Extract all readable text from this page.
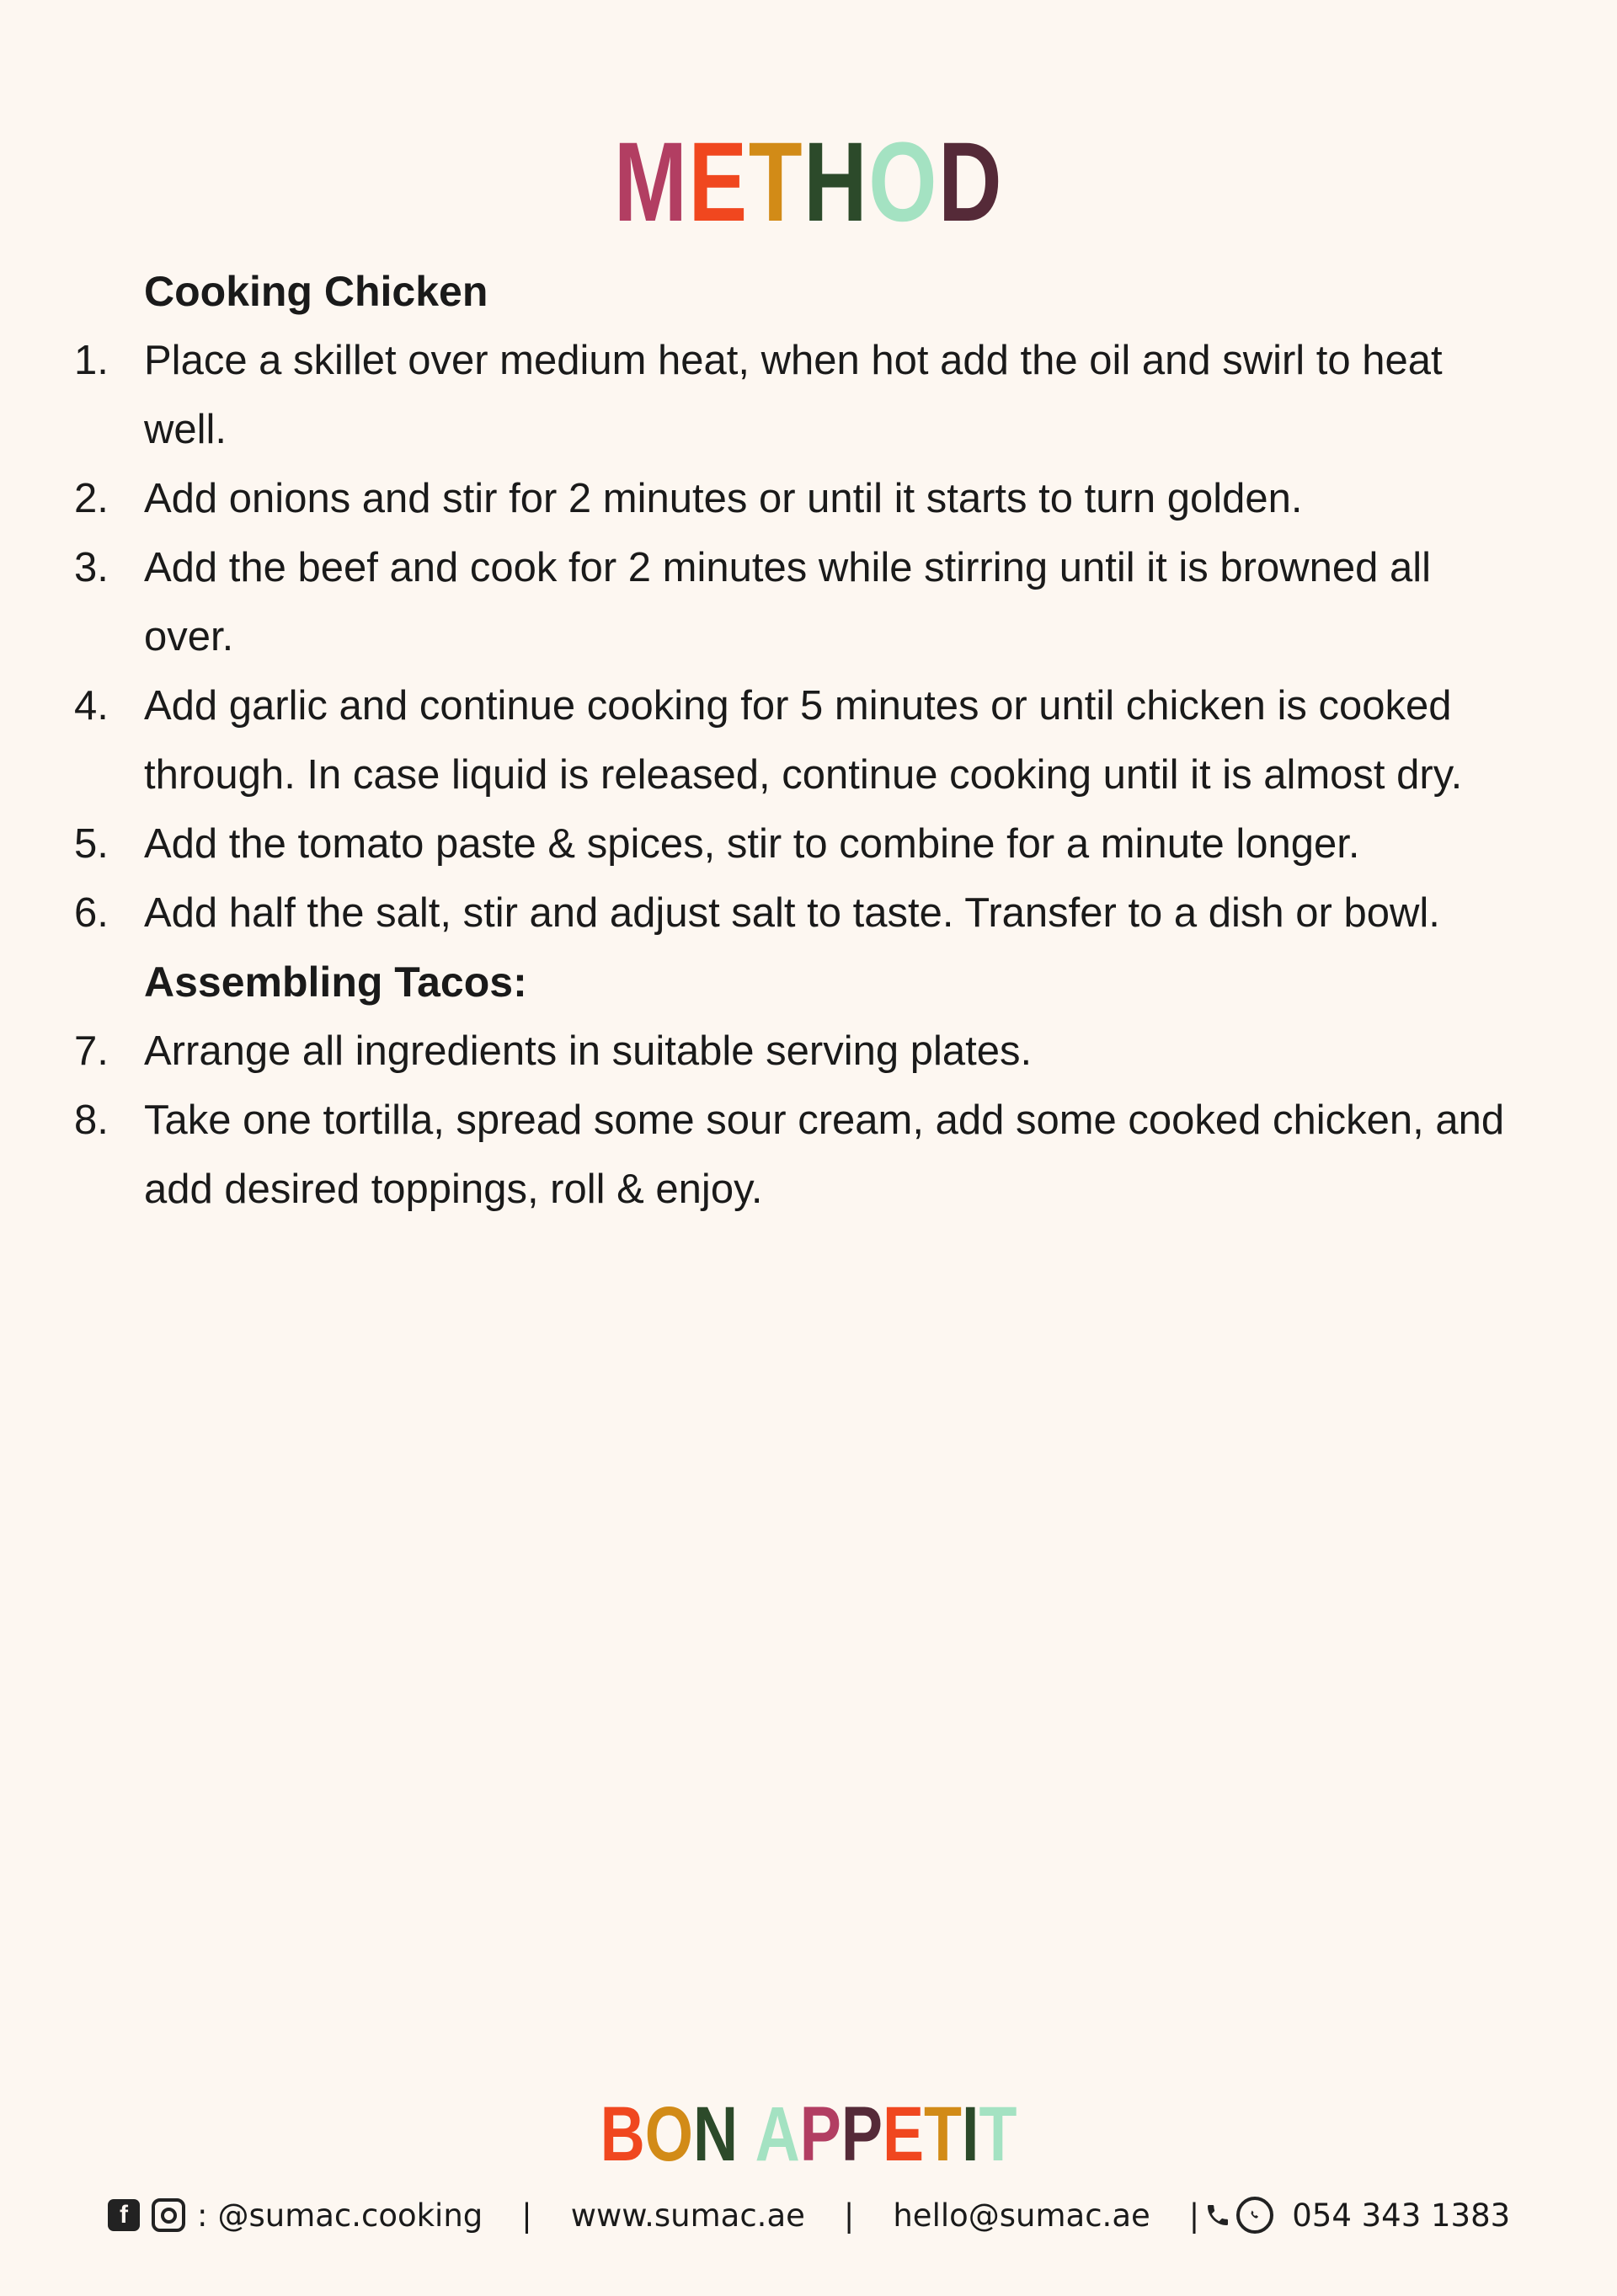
METHOD
Cooking Chicken
1. Place a skillet over medium heat, when hot add the oil and swirl to heat well.
2. Add onions and stir for 2 minutes or until it starts to turn golden.
3. Add the beef and cook for 2 minutes while stirring until it is browned all over.
4. Add garlic and continue cooking for 5 minutes or until chicken is cooked through. In case liquid is released, continue cooking until it is almost dry.
5. Add the tomato paste & spices, stir to combine for a minute longer.
6. Add half the salt, stir and adjust salt to taste. Transfer to a dish or bowl.
Assembling Tacos:
7. Arrange all ingredients in suitable serving plates.
8. Take one tortilla, spread some sour cream, add some cooked chicken, and add desired toppings, roll & enjoy.
BON APPETIT
f	: @sumac.cooking | www.sumac.ae | hello@sumac.ae |	054 343 1383
